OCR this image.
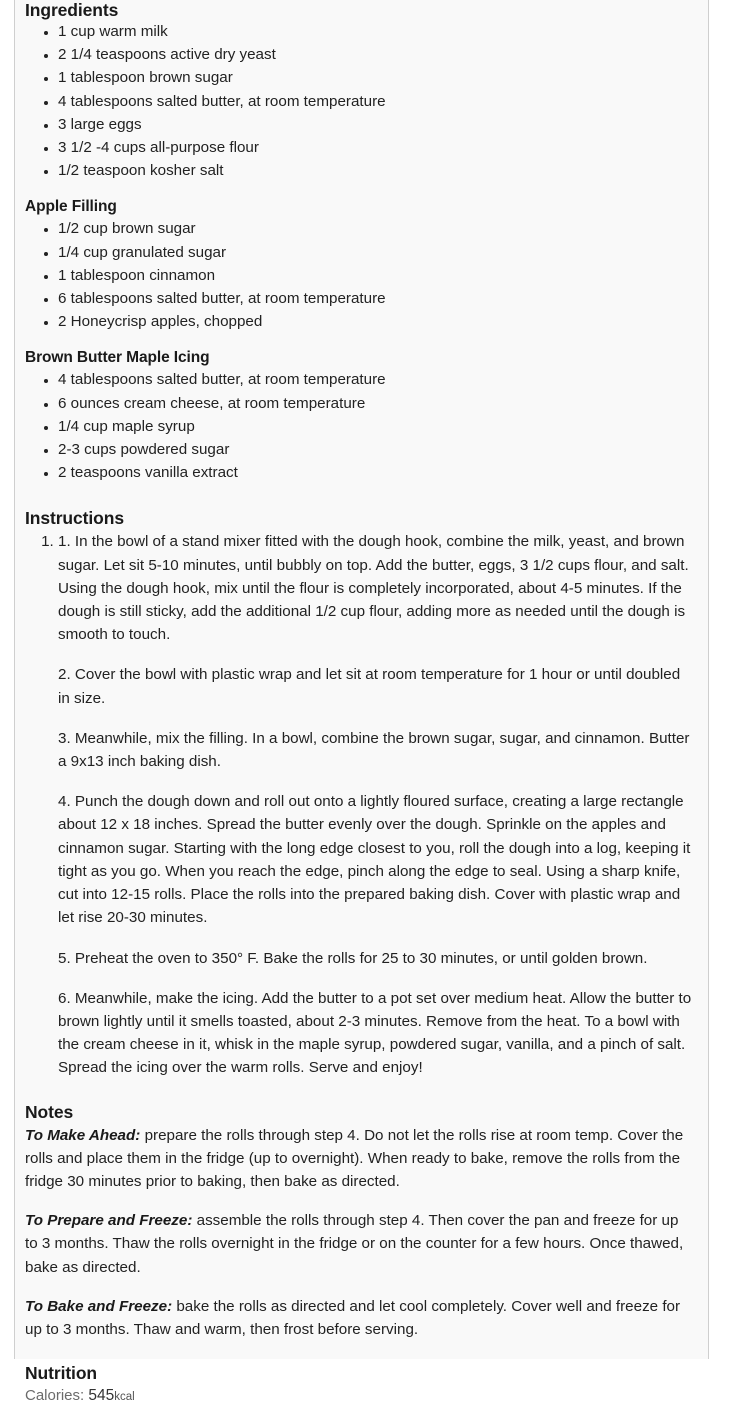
Ingredients
• 1 cup warm milk
• 2 1/4 teaspoons active dry yeast
• 1 tablespoon brown sugar
• 4 tablespoons salted butter, at room temperature
• 3 large eggs
• 3 1/2 -4 cups all-purpose flour
• 1/2 teaspoon kosher salt
Apple Filling
• 1/2 cup brown sugar
• 1/4 cup granulated sugar
• 1 tablespoon cinnamon
• 6 tablespoons salted butter, at room temperature
• 2 Honeycrisp apples, chopped
Brown Butter Maple Icing
• 4 tablespoons salted butter, at room temperature
• 6 ounces cream cheese, at room temperature
• 1/4 cup maple syrup
• 2-3 cups powdered sugar
• 2 teaspoons vanilla extract
Instructions

1. 1. In the bowl of a stand mixer fitted with the dough hook, combine the milk, yeast, and brown sugar. Let sit 5-10 minutes, until bubbly on top. Add the butter, eggs, 3 1/2 cups flour, and salt. Using the dough hook, mix until the flour is completely incorporated, about 4-5 minutes. If the dough is still sticky, add the additional 1/2 cup flour, adding more as needed until the dough is smooth to touch.

2. Cover the bowl with plastic wrap and let sit at room temperature for 1 hour or until doubled in size.

3. Meanwhile, mix the filling. In a bowl, combine the brown sugar, sugar, and cinnamon. Butter a 9x13 inch baking dish.

4. Punch the dough down and roll out onto a lightly floured surface, creating a large rectangle about 12 x 18 inches. Spread the butter evenly over the dough. Sprinkle on the apples and cinnamon sugar. Starting with the long edge closest to you, roll the dough into a log, keeping it tight as you go. When you reach the edge, pinch along the edge to seal. Using a sharp knife, cut into 12-15 rolls. Place the rolls into the prepared baking dish. Cover with plastic wrap and let rise 20-30 minutes.

5. Preheat the oven to 350° F. Bake the rolls for 25 to 30 minutes, or until golden brown.

6. Meanwhile, make the icing. Add the butter to a pot set over medium heat. Allow the butter to brown lightly until it smells toasted, about 2-3 minutes. Remove from the heat. To a bowl with the cream cheese in it, whisk in the maple syrup, powdered sugar, vanilla, and a pinch of salt. Spread the icing over the warm rolls. Serve and enjoy!

Notes

To Make Ahead: prepare the rolls through step 4. Do not let the rolls rise at room temp. Cover the rolls and place them in the fridge (up to overnight). When ready to bake, remove the rolls from the fridge 30 minutes prior to baking, then bake as directed.

To Prepare and Freeze: assemble the rolls through step 4. Then cover the pan and freeze for up to 3 months. Thaw the rolls overnight in the fridge or on the counter for a few hours. Once thawed, bake as directed.

To Bake and Freeze: bake the rolls as directed and let cool completely. Cover well and freeze for up to 3 months. Thaw and warm, then frost before serving.

Nutrition

Calories: 545kcal
